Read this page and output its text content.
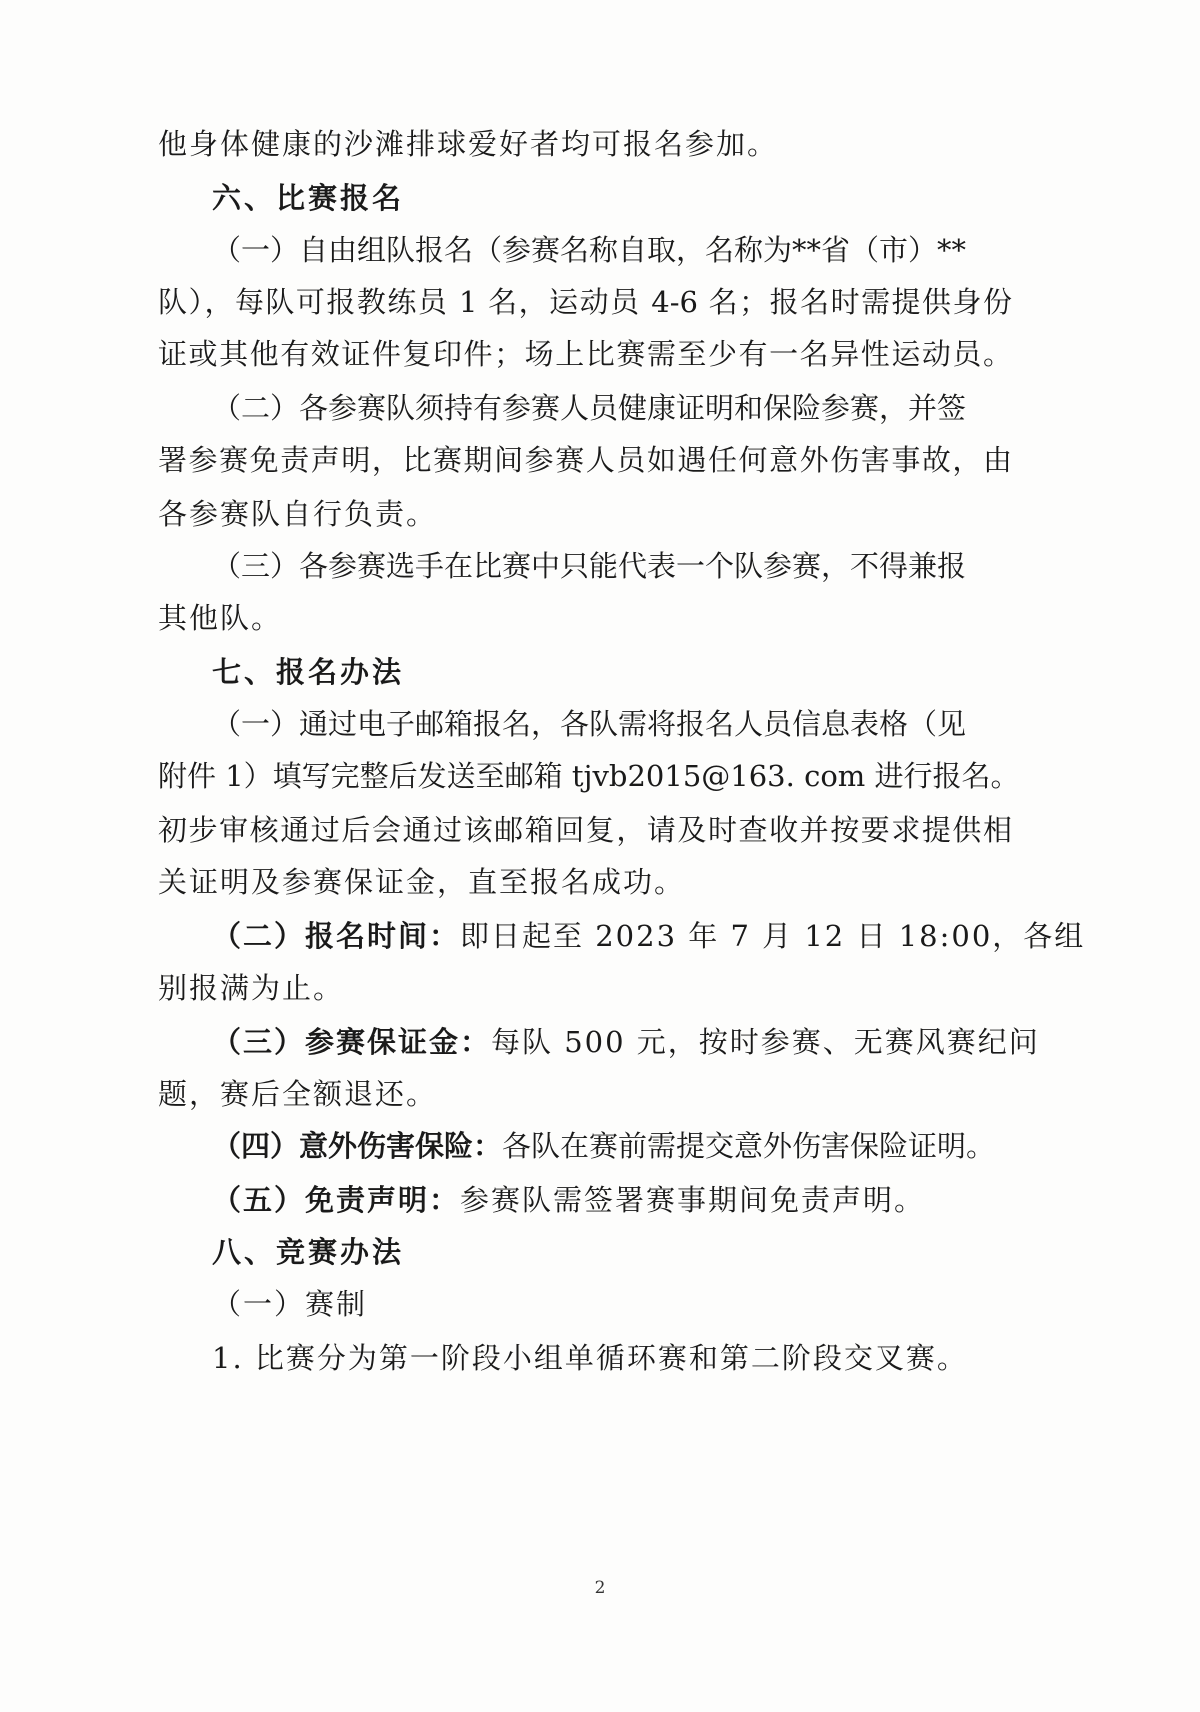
他身体健康的沙滩排球爱好者均可报名参加。
六、比赛报名
（一）自由组队报名（参赛名称自取，名称为**省（市）**
队），每队可报教练员 1 名，运动员 4-6 名；报名时需提供身份
证或其他有效证件复印件；场上比赛需至少有一名异性运动员。
（二）各参赛队须持有参赛人员健康证明和保险参赛，并签
署参赛免责声明，比赛期间参赛人员如遇任何意外伤害事故，由
各参赛队自行负责。
（三）各参赛选手在比赛中只能代表一个队参赛，不得兼报
其他队。
七、报名办法
（一）通过电子邮箱报名，各队需将报名人员信息表格（见
附件 1）填写完整后发送至邮箱 tjvb2015@163. com 进行报名。
初步审核通过后会通过该邮箱回复，请及时查收并按要求提供相
关证明及参赛保证金，直至报名成功。
（二）报名时间：即日起至 2023 年 7 月 12 日 18:00，各组
别报满为止。
（三）参赛保证金：每队 500 元，按时参赛、无赛风赛纪问
题，赛后全额退还。
（四）意外伤害保险：各队在赛前需提交意外伤害保险证明。
（五）免责声明：参赛队需签署赛事期间免责声明。
八、竞赛办法
（一）赛制
1. 比赛分为第一阶段小组单循环赛和第二阶段交叉赛。
2
